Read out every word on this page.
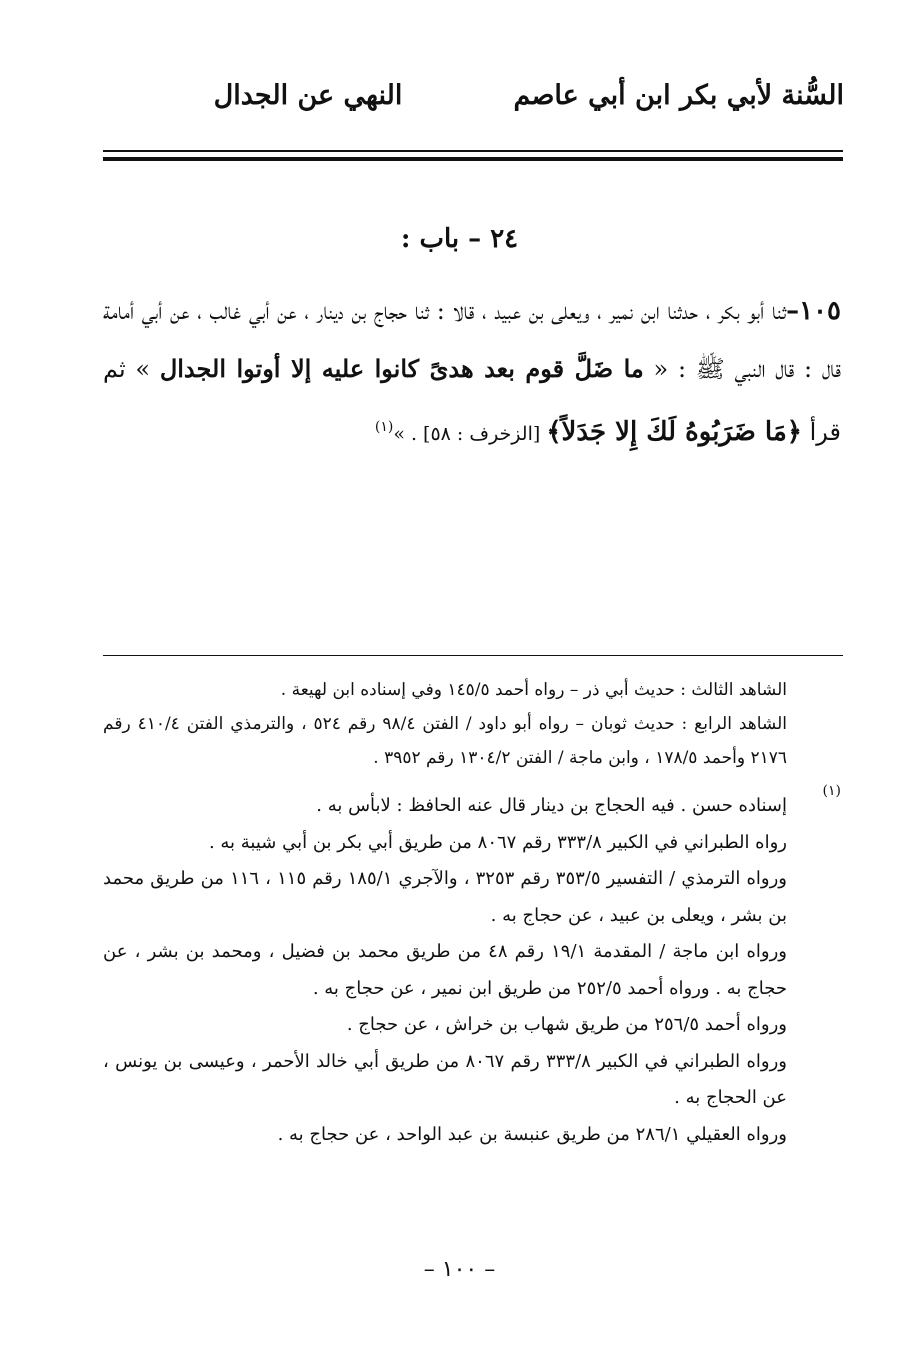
السُّنة لأبي بكر ابن أبي عاصم
النهي عن الجدال
٢٤ – باب :
١٠٥–ثنا أبو بكر ، حدثنا ابن نمير ، ويعلى بن عبيد ، قالا : ثنا حجاج بن دينار ، عن أبي غالب ، عن أبي أمامة قال : قال النبي ﷺ : « ما ضَلَّ قوم بعد هدىً كانوا عليه إلا أوتوا الجدال » ثم قرأ ﴿مَا ضَرَبُوهُ لَكَ إِلا جَدَلاً﴾ [الزخرف : ٥٨] . »$^{(١)}$

الشاهد الثالث : حديث أبي ذر – رواه أحمد ١٤٥/٥ وفي إسناده ابن لهيعة .

الشاهد الرابع : حديث ثوبان – رواه أبو داود / الفتن ٩٨/٤ رقم ٥٢٤ ، والترمذي الفتن ٤١٠/٤ رقم ٢١٧٦ وأحمد ١٧٨/٥ ، وابن ماجة / الفتن ١٣٠٤/٢ رقم ٣٩٥٢ .

(١)

إسناده حسن . فيه الحجاج بن دينار قال عنه الحافظ : لابأس به .

رواه الطبراني في الكبير ٣٣٣/٨ رقم ٨٠٦٧ من طريق أبي بكر بن أبي شيبة به .

ورواه الترمذي / التفسير ٣٥٣/٥ رقم ٣٢٥٣ ، والآجري ١٨٥/١ رقم ١١٥ ، ١١٦ من طريق محمد بن بشر ، ويعلى بن عبيد ، عن حجاج به .

ورواه ابن ماجة / المقدمة ١٩/١ رقم ٤٨ من طريق محمد بن فضيل ، ومحمد بن بشر ، عن حجاج به . ورواه أحمد ٢٥٢/٥ من طريق ابن نمير ، عن حجاج به .

ورواه أحمد ٢٥٦/٥ من طريق شهاب بن خراش ، عن حجاج .

ورواه الطبراني في الكبير ٣٣٣/٨ رقم ٨٠٦٧ من طريق أبي خالد الأحمر ، وعيسى بن يونس ، عن الحجاج به .

ورواه العقيلي ٢٨٦/١ من طريق عنبسة بن عبد الواحد ، عن حجاج به .

– ١٠٠ –
